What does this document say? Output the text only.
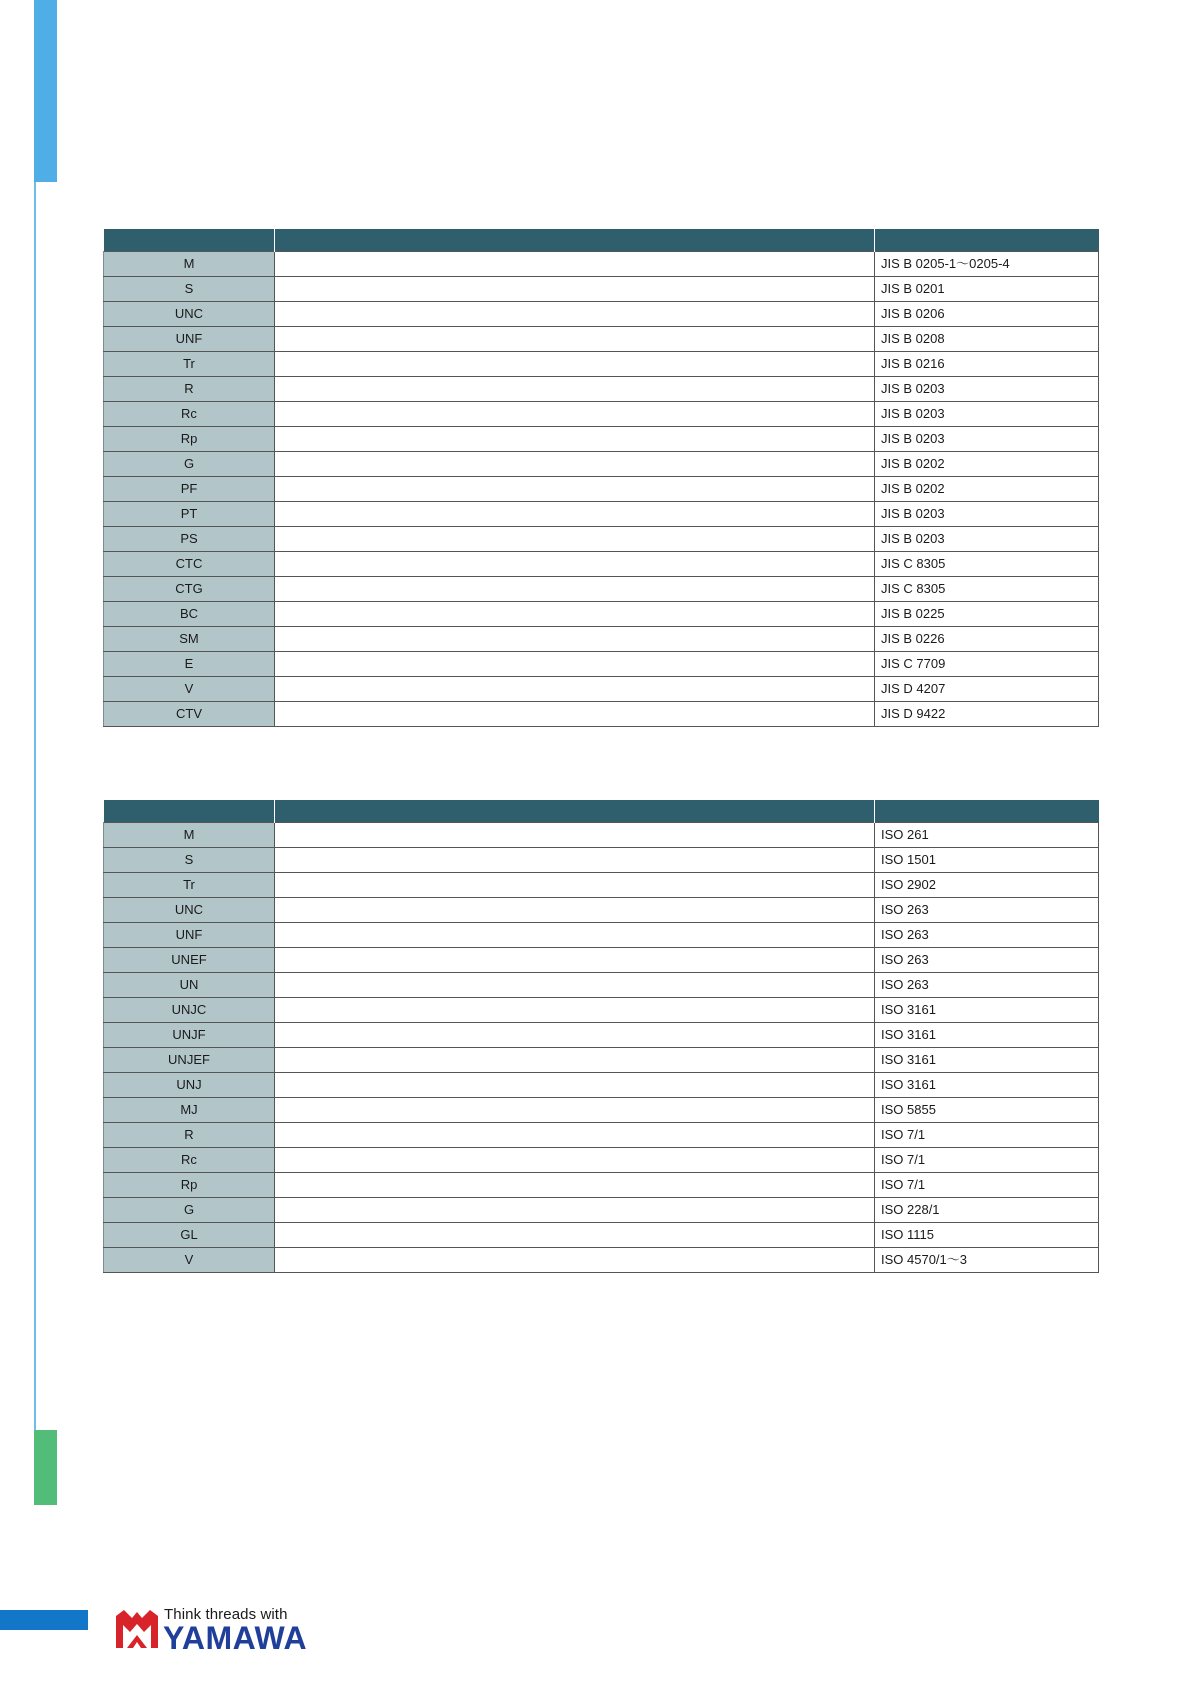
M		JIS B 0205-1～0205-4
S		JIS B 0201
UNC		JIS B 0206
UNF		JIS B 0208
Tr		JIS B 0216
R		JIS B 0203
Rc		JIS B 0203
Rp		JIS B 0203
G		JIS B 0202
PF		JIS B 0202
PT		JIS B 0203
PS		JIS B 0203
CTC		JIS C 8305
CTG		JIS C 8305
BC		JIS B 0225
SM		JIS B 0226
E		JIS C 7709
V		JIS D 4207
CTV		JIS D 9422

M		ISO 261
S		ISO 1501
Tr		ISO 2902
UNC		ISO 263
UNF		ISO 263
UNEF		ISO 263
UN		ISO 263
UNJC		ISO 3161
UNJF		ISO 3161
UNJEF		ISO 3161
UNJ		ISO 3161
MJ		ISO 5855
R		ISO 7/1
Rc		ISO 7/1
Rp		ISO 7/1
G		ISO 228/1
GL		ISO 1115
V		ISO 4570/1～3
Think threads with
YAMAWA
